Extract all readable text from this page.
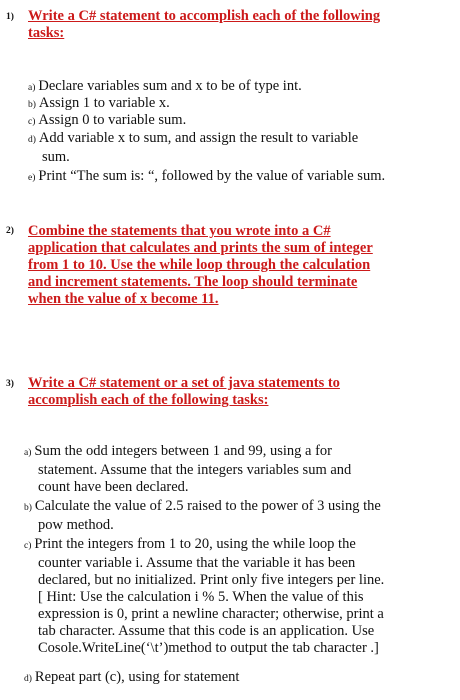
1) Write a C# statement to accomplish each of the following
tasks:
a) Declare variables sum and x to be of type int.
b) Assign 1 to variable x.
c) Assign 0 to variable sum.
d) Add variable x to sum, and assign the result to variable
sum.
e) Print “The sum is: “, followed by the value of variable sum.
2) Combine the statements that you wrote into a C#
application that calculates and prints the sum of integer
from 1 to 10. Use the while loop through the calculation
and increment statements. The loop should terminate
when the value of x become 11.
3) Write a C# statement or a set of java statements to
accomplish each of the following tasks:
a) Sum the odd integers between 1 and 99, using a for
statement. Assume that the integers variables sum and
count have been declared.
b) Calculate the value of 2.5 raised to the power of 3 using the
pow method.
c) Print the integers from 1 to 20, using the while loop the
counter variable i. Assume that the variable it has been
declared, but no initialized. Print only five integers per line.
[ Hint: Use the calculation i % 5. When the value of this
expression is 0, print a newline character; otherwise, print a
tab character. Assume that this code is an application. Use
Cosole.WriteLine(‘\t’)method to output the tab character .]
d) Repeat part (c), using for statement
